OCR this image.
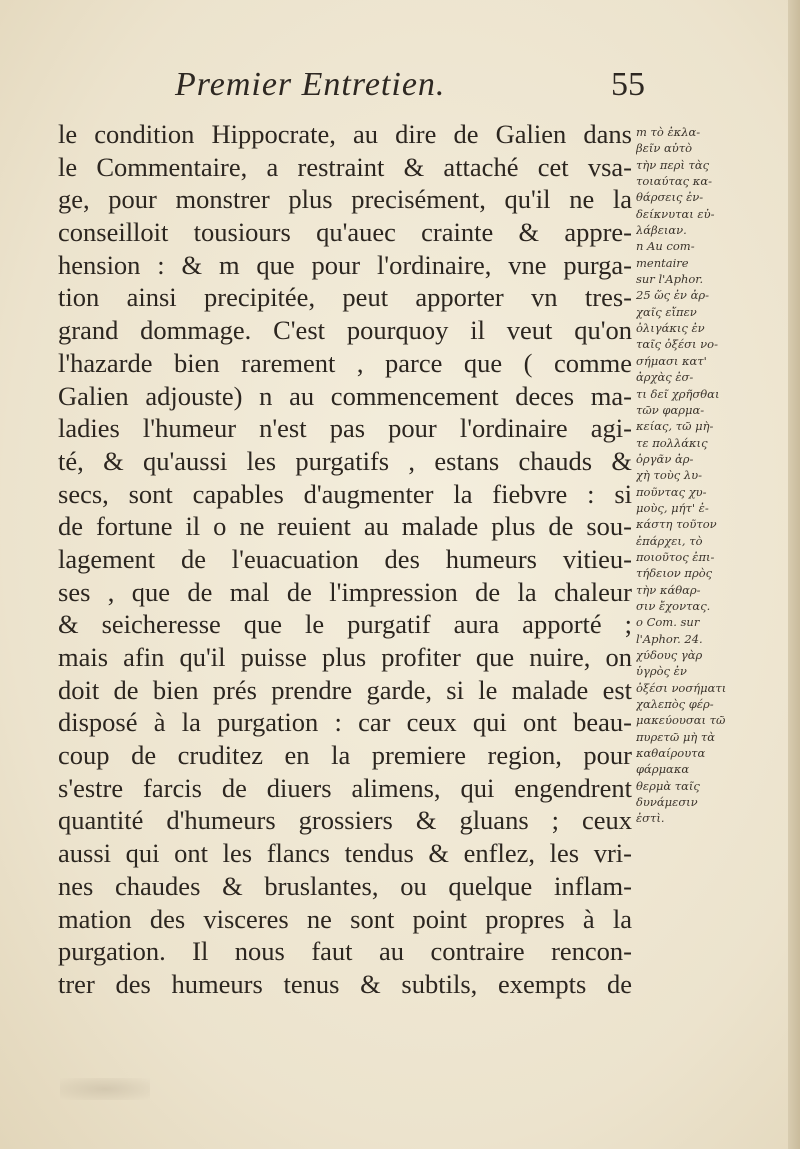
Premier Entretien.	55
le condition Hippocrate, au dire de Galien dans
le Commentaire, a restraint & attaché cet vsa-
ge, pour monstrer plus precisément, qu'il ne la
conseilloit tousiours qu'auec crainte & appre-
hension : & m que pour l'ordinaire, vne purga-
tion ainsi precipitée, peut apporter vn tres-
grand dommage. C'est pourquoy il veut qu'on
l'hazarde bien rarement , parce que ( comme
Galien adjouste) n au commencement deces ma-
ladies l'humeur n'est pas pour l'ordinaire agi-
té, & qu'aussi les purgatifs , estans chauds &
secs, sont capables d'augmenter la fiebvre : si
de fortune il o ne reuient au malade plus de sou-
lagement de l'euacuation des humeurs vitieu-
ses , que de mal de l'impression de la chaleur
& seicheresse que le purgatif aura apporté ;
mais afin qu'il puisse plus profiter que nuire, on
doit de bien prés prendre garde, si le malade est
disposé à la purgation : car ceux qui ont beau-
coup de cruditez en la premiere region, pour
s'estre farcis de diuers alimens, qui engendrent
quantité d'humeurs grossiers & gluans ; ceux
aussi qui ont les flancs tendus & enflez, les vri-
nes chaudes & bruslantes, ou quelque inflam-
mation des visceres ne sont point propres à la
purgation. Il nous faut au contraire rencon-
trer des humeurs tenus & subtils, exempts de
m τὸ ἐκλα-
βεῖν αὐτὸ
τὴν περὶ τὰς
τοιαύτας κα-
θάρσεις ἐν-
δείκνυται εὐ-
λάβειαν.
n Au com-
mentaire
sur l'Aphor.
25 ὥς ἐν ἀρ-
χαῖς εἴπεν
ὀλιγάκις ἐν
ταῖς ὀξέσι νο-
σήμασι κατ'
ἀρχὰς ἐσ-
τι δεῖ χρῆσθαι
τῶν φαρμα-
κείας, τῶ μὴ-
τε πολλάκις
ὀργᾶν ἀρ-
χὴ τοὺς λυ-
ποῦντας χυ-
μοὺς, μήτ' ἐ-
κάστη τοῦτον
ἐπάρχει, τὸ
ποιοῦτος ἐπι-
τήδειον πρὸς
τὴν κάθαρ-
σιν ἔχοντας.
o Com. sur
l'Aphor. 24.
χύδους γὰρ
ὑγρὸς ἐν
ὀξέσι νοσήματι
χαλεπὸς φέρ-
μακεύουσαι τῶ
πυρετῶ μὴ τὰ
καθαίρουτα
φάρμακα
θερμὰ ταῖς
δυνάμεσιν
ἐστὶ.
